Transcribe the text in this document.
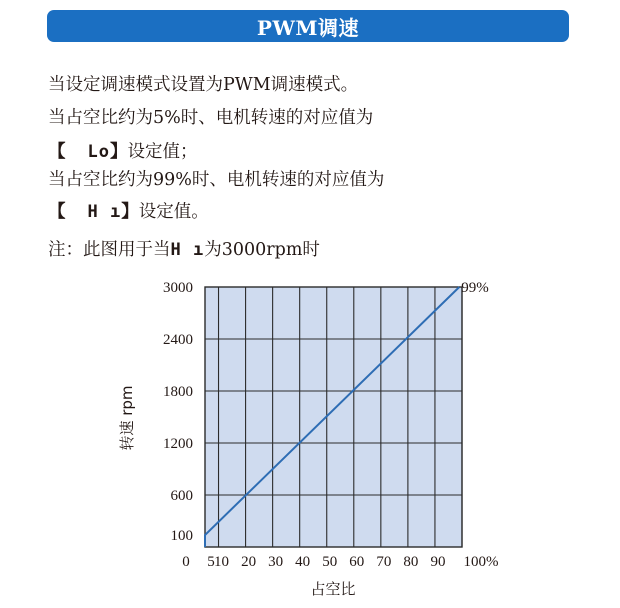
PWM调速
当设定调速模式设置为PWM调速模式。
当占空比约为5%时、电机转速的对应值为
【 Lo】设定值；
当占空比约为99%时、电机转速的对应值为
【 H ı】设定值。
注：此图用于当H ı为3000rpm时
100
600
1200
1800
2400
3000
0 5 10 20 30 40 50 60 70 80 90 100%
99%
占空比
转速 rpm
